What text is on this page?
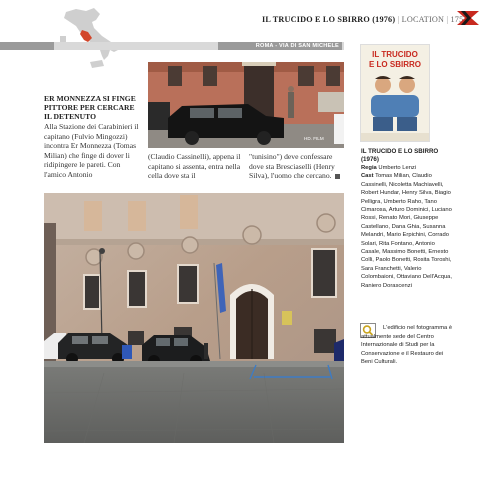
IL TRUCIDO E LO SBIRRO (1976) | LOCATION | 175
ROMA - VIA DI SAN MICHELE
ER MONNEZZA SI FINGE PITTORE PER CERCARE IL DETENUTO
Alla Stazione dei Carabinieri il capitano (Fulvio Mingozzi) incontra Er Monnezza (Tomas Milian) che finge di dover li ridipingere le pareti. Con l'amico Antonio
(Claudio Cassinelli), appena il capitano si assenta, entra nella cella dove sta il
"tunisino") deve confessare dove sta Bresciaselli (Henry Silva), l'uomo che cercano.
HD. FILM
IL TRUCIDO
E LO SBIRRO
IL TRUCIDO E LO SBIRRO (1976)
Regia Umberto Lenzi
Cast Tomas Milian, Claudio Cassinelli, Nicoletta Machiavelli, Robert Hundar, Henry Silva, Biagio Pelligra, Umberto Raho, Tano Cimarosa, Arturo Dominici, Luciano Rossi, Renato Mori, Giuseppe Castellano, Dana Ghia, Susanna Melandri, Mario Erpichini, Corrado Solari, Rita Fontano, Antonio Casale, Massimo Bonetti, Ernesto Colli, Paolo Bonetti, Rosita Toroshi, Sara Franchetti, Valerio Colombaioni, Ottaviano Dell'Acqua, Raniero Dorascenzi
L'edificio nel fotogramma è attualmente sede del Centro Internazionale di Studi per la Conservazione e il Restauro dei Beni Culturali.
